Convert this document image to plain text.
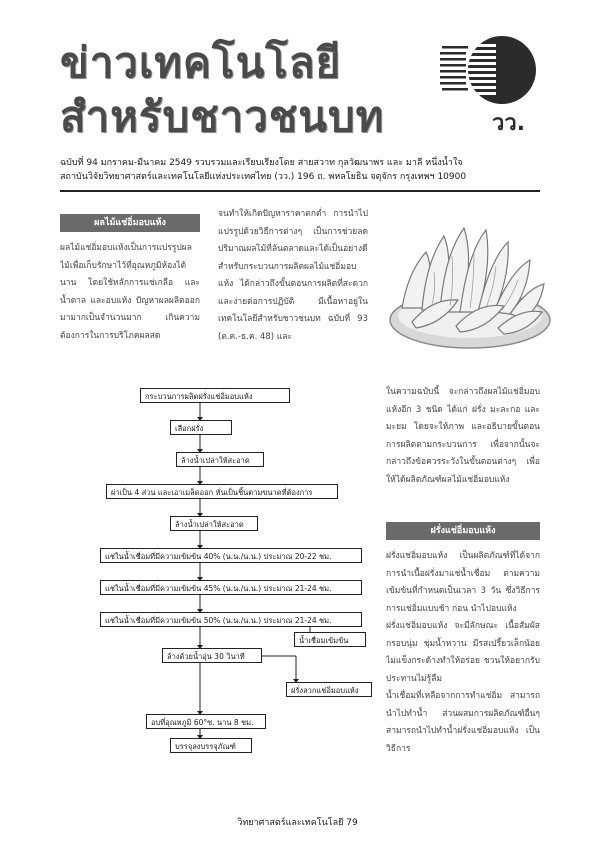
ข่าวเทคโนโลยี
สำหรับชาวชนบท	วว.
ฉบับที่ 94 มกราคม-มีนาคม 2549 รวบรวมและเรียบเรียงโดย สายสวาท กุลวัฒนาพร และ มาลี หนึ่งน้ำใจ
สถาบันวิจัยวิทยาศาสตร์และเทคโนโลยีแห่งประเทศไทย (วว.) 196 ถ. พหลโยธิน จตุจักร กรุงเทพฯ 10900
ผลไม้แช่อิ่มอบแห้ง

ผลไม้แช่อิ่มอบแห้งเป็นการแปรรูปผลไม้เพื่อเก็บรักษาไว้ที่อุณหภูมิห้องได้นาน โดยใช้หลักการแช่เกลือ และน้ำตาล และอบแห้ง ปัญหาผลผลิตออกมามากเป็นจำนวนมาก เกินความต้องการในการบริโภคผลสด

จนทำให้เกิดปัญหาราคาตกต่ำ การนำไปแปรรูปด้วยวิธีการต่างๆ เป็นการช่วยลดปริมาณผลไม้ที่ล้นตลาดและได้เป็นอย่างดี สำหรับกระบวนการผลิตผลไม้แช่อิ่มอบแห้ง ได้กล่าวถึงขั้นตอนการผลิตที่สะดวกและง่ายต่อการปฏิบัติ มีเนื้อหาอยู่ในเทคโนโลยีสำหรับชาวชนบท ฉบับที่ 93 (ต.ค.-ธ.ค. 48) และ

กระบวนการผลิตฝรั่งแช่อิ่มอบแห้ง
เลือกฝรั่ง
ล้างน้ำเปล่าให้สะอาด
ผ่าเป็น 4 ส่วน และเอาเมล็ดออก หั่นเป็นชิ้นตามขนาดที่ต้องการ
ล้างน้ำเปล่าให้สะอาด
แช่ในน้ำเชื่อมที่มีความเข้มข้น 40% (น.น./น.น.) ประมาณ 20-22 ชม.
แช่ในน้ำเชื่อมที่มีความเข้มข้น 45% (น.น./น.น.) ประมาณ 21-24 ชม.
แช่ในน้ำเชื่อมที่มีความเข้มข้น 50% (น.น./น.น.) ประมาณ 21-24 ชม.
น้ำเชื่อมเข้มข้น
ล้างด้วยน้ำอุ่น 30 วินาที
ฝรั่งลวกแช่อิ่มอบแห้ง
อบที่อุณหภูมิ 60°ซ. นาน 8 ชม.
บรรจุลงบรรจุภัณฑ์

ในความฉบับนี้ จะกล่าวถึงผลไม้แช่อิ่มอบแห้งอีก 3 ชนิด ได้แก่ ฝรั่ง มะละกอ และมะยม โดยจะให้ภาพ และอธิบายขั้นตอนการผลิตตามกระบวนการ เพื่อจากนั้นจะกล่าวถึงข้อควรระวังในขั้นตอนต่างๆ เพื่อให้ได้ผลิตภัณฑ์ผลไม้แช่อิ่มอบแห้ง

ฝรั่งแช่อิ่มอบแห้ง

ฝรั่งแช่อิ่มอบแห้ง เป็นผลิตภัณฑ์ที่ได้จากการนำเนื้อฝรั่งมาแช่น้ำเชื่อม ตามความเข้มข้นที่กำหนดเป็นเวลา 3 วัน ซึ่งวิธีการการแช่อิ่มแบบช้า ก่อน นำไปอบแห้ง

ฝรั่งแช่อิ่มอบแห้ง จะมีลักษณะ เนื้อสัมผัสกรอบนุ่ม ชุ่มน้ำหวาน มีรสเปรี้ยวเล็กน้อย ไม่แข็งกระด้างทำให้อร่อย ชวนให้อยากรับประทานไม่รู้ลืม

น้ำเชื่อมที่เหลือจากการทำแช่อิ่ม สามารถนำไปทำน้ำ ส่วนผสมการผลิตภัณฑ์อื่นๆ สามารถนำไปทำน้ำฝรั่งแช่อิ่มอบแห้ง เป็นวิธีการ

วิทยาศาสตร์และเทคโนโลยี 79
